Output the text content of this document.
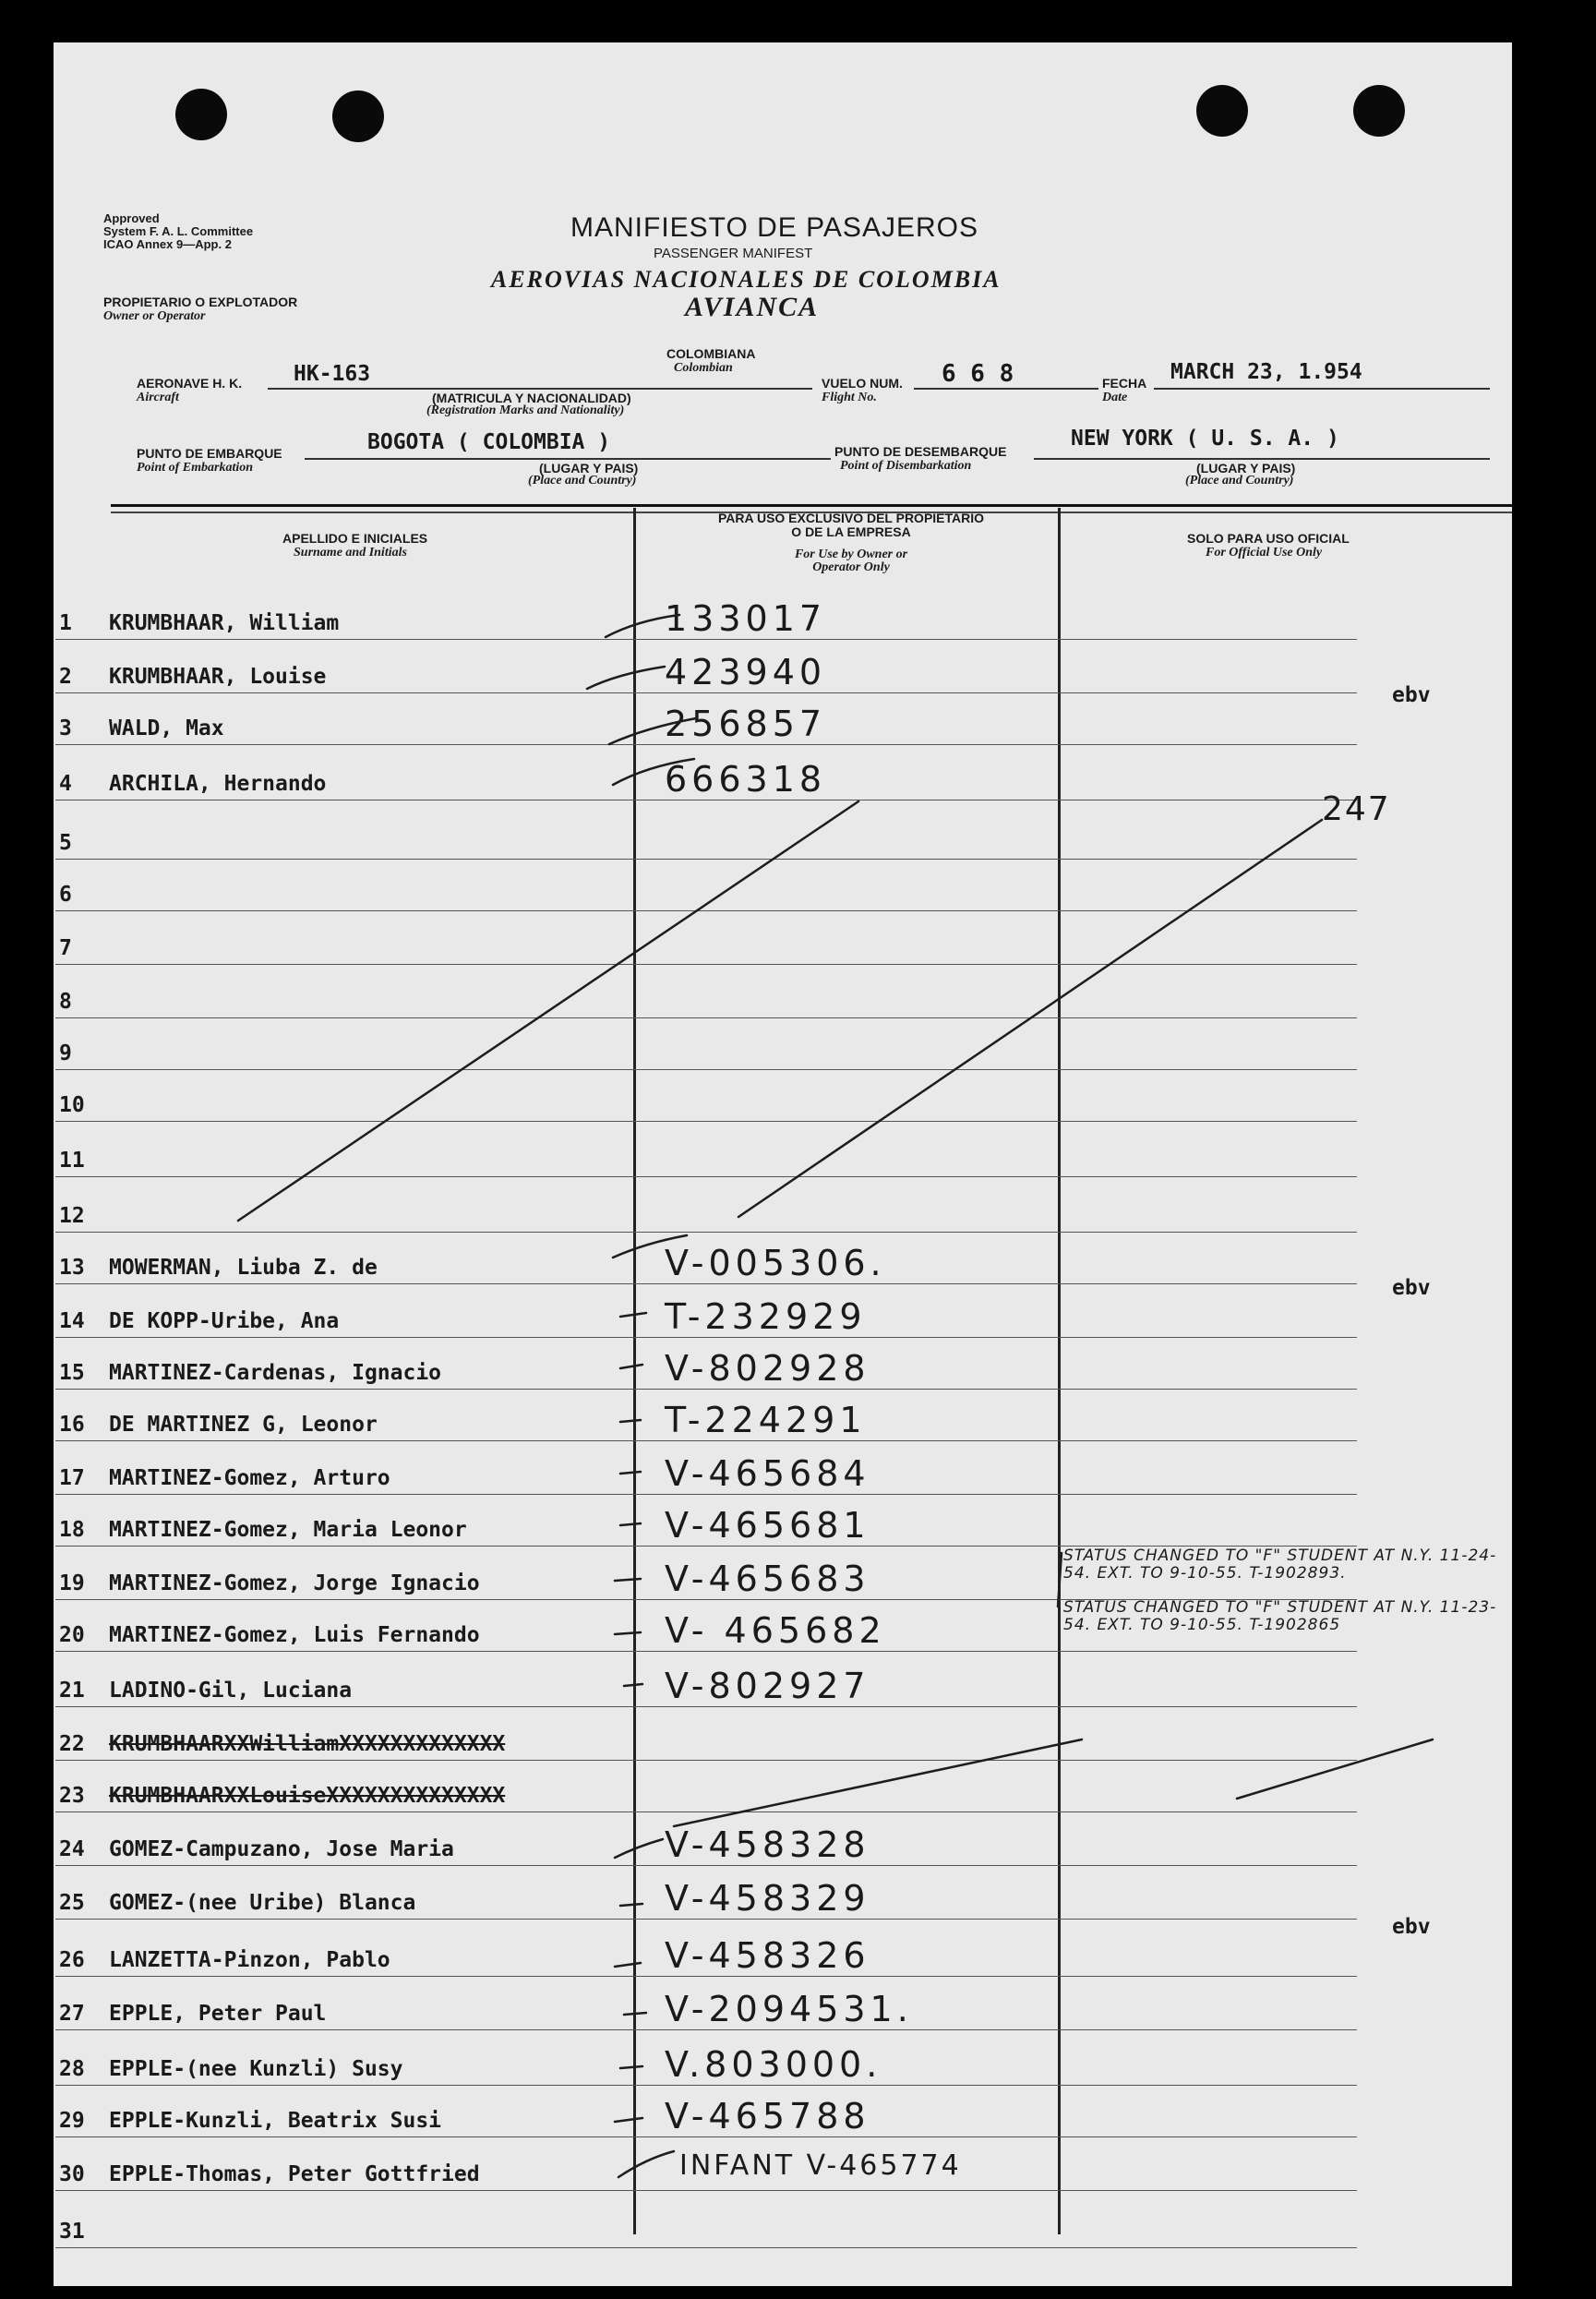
Approved
System F. A. L. Committee
ICAO Annex 9—App. 2
PROPIETARIO O EXPLOTADOR
Owner or Operator
MANIFIESTO DE PASAJEROS
PASSENGER MANIFEST
AEROVIAS NACIONALES DE COLOMBIA
AVIANCA
AERONAVE H. K.
Aircraft
HK-163
COLOMBIANA
Colombian
(MATRICULA Y NACIONALIDAD)
(Registration Marks and Nationality)
VUELO NUM.
Flight No.
6 6 8	FECHA
Date
MARCH 23, 1.954
PUNTO DE EMBARQUE
Point of Embarkation
BOGOTA ( COLOMBIA )
(LUGAR Y PAIS)
(Place and Country)
PUNTO DE DESEMBARQUE
Point of Disembarkation
NEW YORK ( U. S. A. )
(LUGAR Y PAIS)
(Place and Country)
APELLIDO E INICIALES
Surname and Initials
PARA USO EXCLUSIVO DEL PROPIETARIO
O DE LA EMPRESA
For Use by Owner or
Operator Only
SOLO PARA USO OFICIAL
For Official Use Only
1 KRUMBHAAR, William	133017
2 KRUMBHAAR, Louise	423940
3 WALD, Max	256857
ebv
4 ARCHILA, Hernando	666318
5
247
6
7
8
9
10
11
12
13 MOWERMAN, Liuba Z. de	V-005306.
14 DE KOPP-Uribe, Ana	T-232929
ebv
15 MARTINEZ-Cardenas, Ignacio	V-802928
16 DE MARTINEZ G, Leonor	T-224291
17 MARTINEZ-Gomez, Arturo	V-465684
18 MARTINEZ-Gomez, Maria Leonor	V-465681
19 MARTINEZ-Gomez, Jorge Ignacio	V-465683
STATUS CHANGED TO "F" STUDENT AT N.Y. 11-24-54. EXT. TO 9-10-55. T-1902893.
20 MARTINEZ-Gomez, Luis Fernando	V- 465682
STATUS CHANGED TO "F" STUDENT AT N.Y. 11-23-54. EXT. TO 9-10-55. T-1902865
21 LADINO-Gil, Luciana	V-802927
22 KRUMBHAARXXWilliamXXXXXXXXXXXXX
23 KRUMBHAARXXLouiseXXXXXXXXXXXXXX
24 GOMEZ-Campuzano, Jose Maria	V-458328
25 GOMEZ-(nee Uribe) Blanca	V-458329
26 LANZETTA-Pinzon, Pablo	V-458326
ebv
27 EPPLE, Peter Paul	V-2094531.
28 EPPLE-(nee Kunzli) Susy	V.803000.
29 EPPLE-Kunzli, Beatrix Susi	V-465788
30 EPPLE-Thomas, Peter Gottfried	INFANT V-465774
31
